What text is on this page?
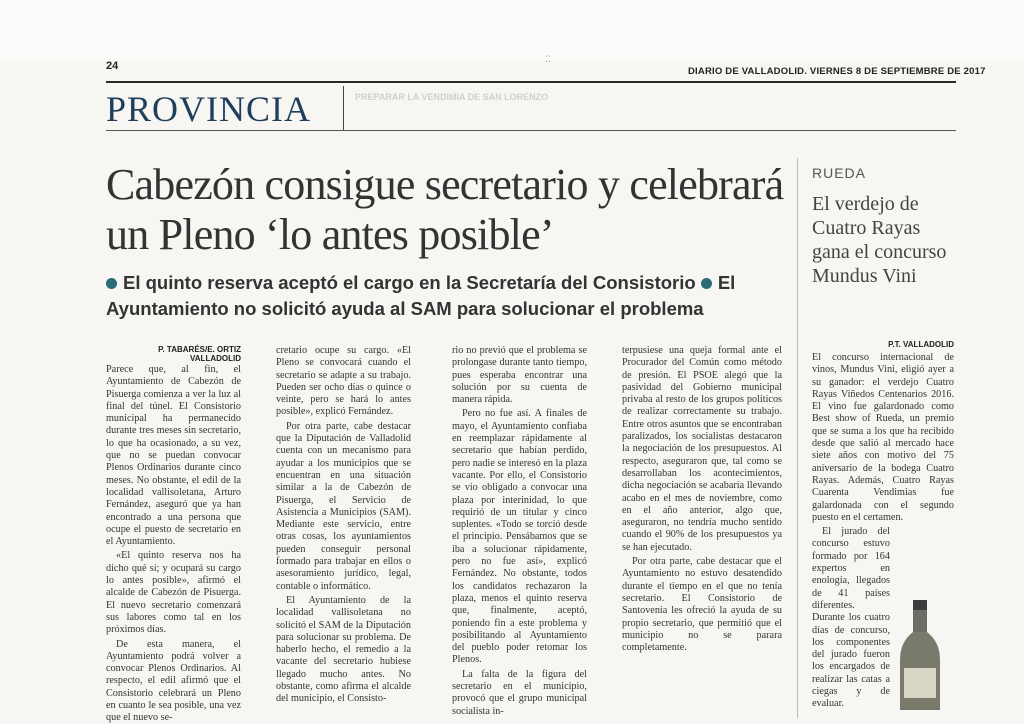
⁚⁚
24	DIARIO DE VALLADOLID. VIERNES 8 DE SEPTIEMBRE DE 2017
PROVINCIA	PREPARAR LA VENDIMIA DE SAN LORENZO
Cabezón consigue secretario y celebrará un Pleno ‘lo antes posible’
El quinto reserva aceptó el cargo en la Secretaría del Consistorio El Ayuntamiento no solicitó ayuda al SAM para solucionar el problema
P. TABARÉS/E. ORTIZ VALLADOLID

Parece que, al fin, el Ayuntamiento de Cabezón de Pisuerga comienza a ver la luz al final del túnel. El Consistorio municipal ha permanecido durante tres meses sin secretario, lo que ha ocasionado, a su vez, que no se puedan convocar Plenos Ordinarios durante cinco meses. No obstante, el edil de la localidad vallisoletana, Arturo Fernández, aseguró que ya han encontrado a una persona que ocupe el puesto de secretario en el Ayuntamiento.

«El quinto reserva nos ha dicho qué sí; y ocupará su cargo lo antes posible», afirmó el alcalde de Cabezón de Pisuerga. El nuevo secretario comenzará sus labores como tal en los próximos días.

De esta manera, el Ayuntamiento podrá volver a convocar Plenos Ordinarios. Al respecto, el edil afirmó que el Consistorio celebrará un Pleno en cuanto le sea posible, una vez que el nuevo se-

cretario ocupe su cargo. «El Pleno se convocará cuando el secretario se adapte a su trabajo. Pueden ser ocho días o quince o veinte, pero se hará lo antes posible», explicó Fernández.

Por otra parte, cabe destacar que la Diputación de Valladolid cuenta con un mecanismo para ayudar a los municipios que se encuentran en una situación similar a la de Cabezón de Pisuerga, el Servicio de Asistencia a Municipios (SAM). Mediante este servicio, entre otras cosas, los ayuntamientos pueden conseguir personal formado para trabajar en ellos o asesoramiento jurídico, legal, contable o informático.

El Ayuntamiento de la localidad vallisoletana no solicitó el SAM de la Diputación para solucionar su problema. De haberlo hecho, el remedio a la vacante del secretario hubiese llegado mucho antes. No obstante, como afirma el alcalde del municipio, el Consisto-

rio no previó que el problema se prolongase durante tanto tiempo, pues esperaba encontrar una solución por su cuenta de manera rápida.

Pero no fue así. A finales de mayo, el Ayuntamiento confiaba en reemplazar rápidamente al secretario que habían perdido, pero nadie se interesó en la plaza vacante. Por ello, el Consistorio se vio obligado a convocar una plaza por interinidad, lo que requirió de un titular y cinco suplentes. «Todo se torció desde el principio. Pensábamos que se iba a solucionar rápidamente, pero no fue así», explicó Fernández. No obstante, todos los candidatos rechazaron la plaza, menos el quinto reserva que, finalmente, aceptó, poniendo fin a este problema y posibilitando al Ayuntamiento del pueblo poder retomar los Plenos.

La falta de la figura del secretario en el municipio, provocó que el grupo municipal socialista in-

terpusiese una queja formal ante el Procurador del Común como método de presión. El PSOE alegó que la pasividad del Gobierno municipal privaba al resto de los grupos políticos de realizar correctamente su trabajo. Entre otros asuntos que se encontraban paralizados, los socialistas destacaron la negociación de los presupuestos. Al respecto, aseguraron que, tal como se desarrollaban los acontecimientos, dicha negociación se acabaría llevando acabo en el mes de noviembre, como en el año anterior, algo que, aseguraron, no tendría mucho sentido cuando el 90% de los presupuestos ya se han ejecutado.

Por otra parte, cabe destacar que el Ayuntamiento no estuvo desatendido durante el tiempo en el que no tenía secretario. El Consistorio de Santovenia les ofreció la ayuda de su propio secretario, que permitió que el municipio no se parara completamente.

RUEDA
El verdejo de Cuatro Rayas gana el concurso Mundus Vini
P.T. VALLADOLID

El concurso internacional de vinos, Mundus Vini, eligió ayer a su ganador: el verdejo Cuatro Rayas Viñedos Centenarios 2016. El vino fue galardonado como Best show of Rueda, un premio que se suma a los que ha recibido desde que salió al mercado hace siete años con motivo del 75 aniversario de la bodega Cuatro Rayas. Además, Cuatro Rayas Cuarenta Vendimias fue galardonada con el segundo puesto en el certamen.

El jurado del concurso estuvo formado por 164 expertos en enología, llegados de 41 países diferentes. Durante los cuatro días de concurso, los componentes del jurado fueron los encargados de realizar las catas a ciegas y de evaluar.
